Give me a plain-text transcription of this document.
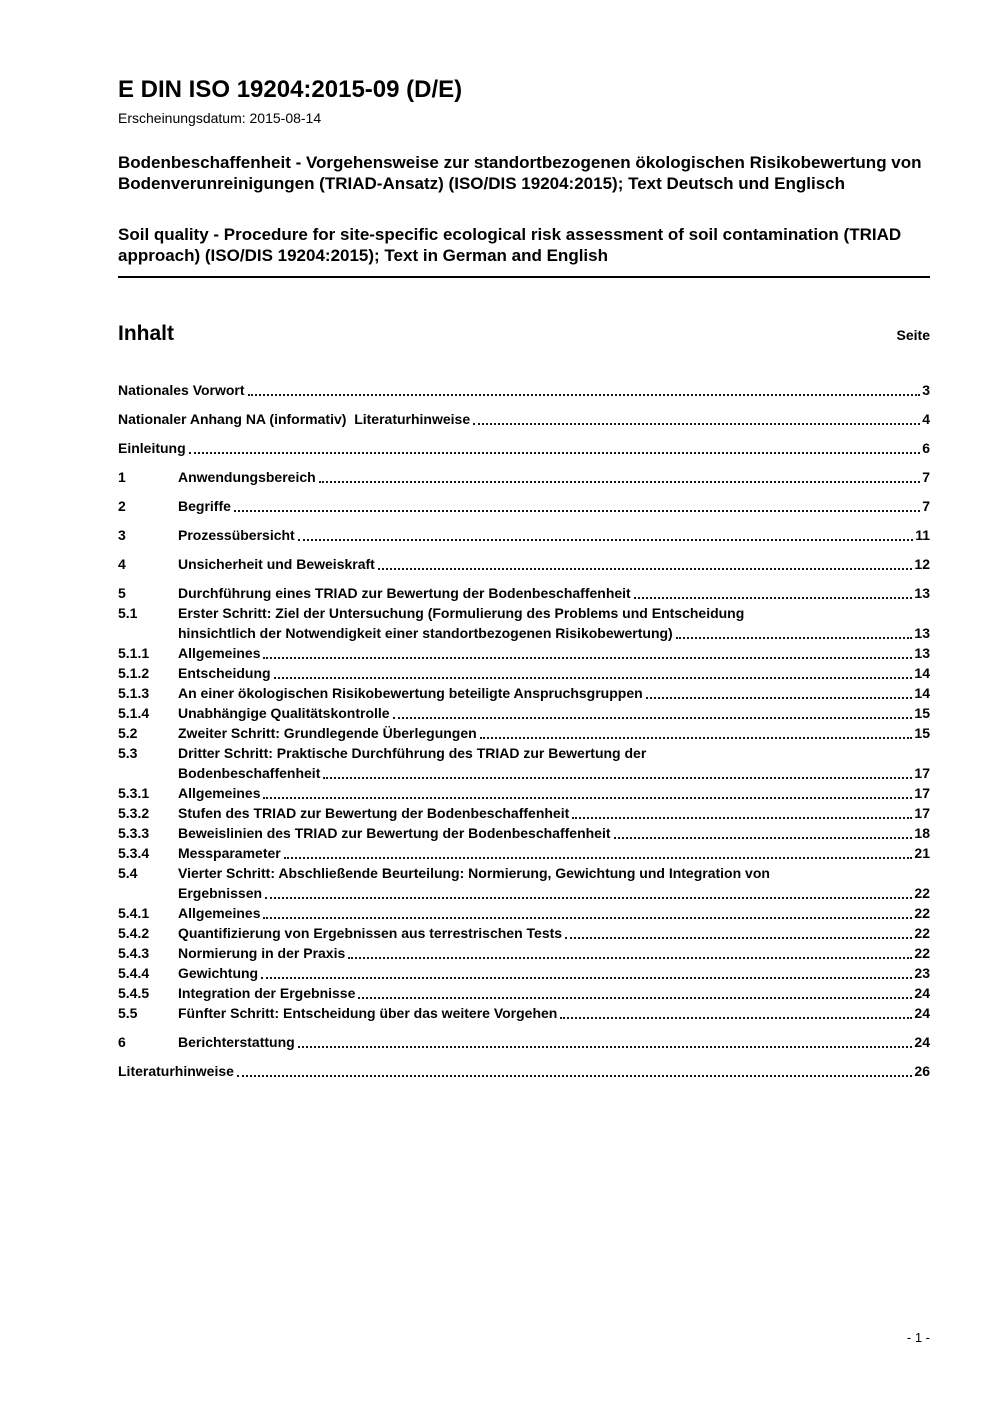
E DIN ISO 19204:2015-09 (D/E)
Erscheinungsdatum: 2015-08-14
Bodenbeschaffenheit - Vorgehensweise zur standortbezogenen ökologischen Risikobewertung von Bodenverunreinigungen (TRIAD-Ansatz) (ISO/DIS 19204:2015); Text Deutsch und Englisch
Soil quality - Procedure for site-specific ecological risk assessment of soil contamination (TRIAD approach) (ISO/DIS 19204:2015); Text in German and English
Inhalt	Seite
Nationales Vorwort	3
Nationaler Anhang NA (informativ)  Literaturhinweise	4
Einleitung	6
1	Anwendungsbereich	7
2	Begriffe	7
3	Prozessübersicht	11
4	Unsicherheit und Beweiskraft	12
5	Durchführung eines TRIAD zur Bewertung der Bodenbeschaffenheit	13
5.1	Erster Schritt: Ziel der Untersuchung (Formulierung des Problems und Entscheidung
hinsichtlich der Notwendigkeit einer standortbezogenen Risikobewertung)	13
5.1.1	Allgemeines	13
5.1.2	Entscheidung	14
5.1.3	An einer ökologischen Risikobewertung beteiligte Anspruchsgruppen	14
5.1.4	Unabhängige Qualitätskontrolle	15
5.2	Zweiter Schritt: Grundlegende Überlegungen	15
5.3	Dritter Schritt: Praktische Durchführung des TRIAD zur Bewertung der
Bodenbeschaffenheit	17
5.3.1	Allgemeines	17
5.3.2	Stufen des TRIAD zur Bewertung der Bodenbeschaffenheit	17
5.3.3	Beweislinien des TRIAD zur Bewertung der Bodenbeschaffenheit	18
5.3.4	Messparameter	21
5.4	Vierter Schritt: Abschließende Beurteilung: Normierung, Gewichtung und Integration von
Ergebnissen	22
5.4.1	Allgemeines	22
5.4.2	Quantifizierung von Ergebnissen aus terrestrischen Tests	22
5.4.3	Normierung in der Praxis	22
5.4.4	Gewichtung	23
5.4.5	Integration der Ergebnisse	24
5.5	Fünfter Schritt: Entscheidung über das weitere Vorgehen	24
6	Berichterstattung	24
Literaturhinweise	26
- 1 -
